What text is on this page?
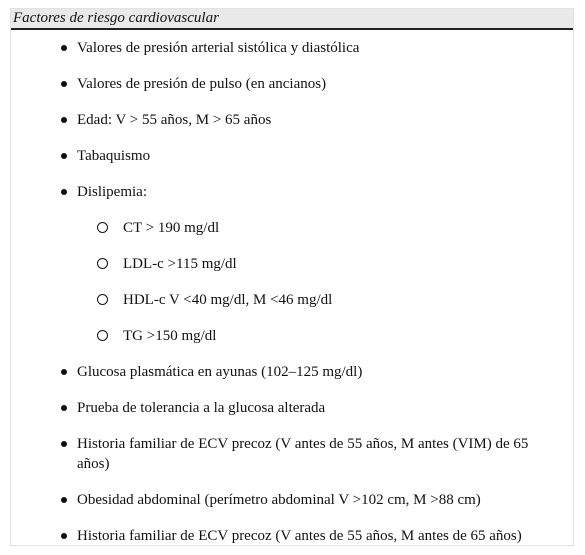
Factores de riesgo cardiovascular
Valores de presión arterial sistólica y diastólica
Valores de presión de pulso (en ancianos)
Edad: V > 55 años, M > 65 años
Tabaquismo
Dislipemia:
CT > 190 mg/dl
LDL-c >115 mg/dl
HDL-c V <40 mg/dl, M <46 mg/dl
TG >150 mg/dl
Glucosa plasmática en ayunas (102–125 mg/dl)
Prueba de tolerancia a la glucosa alterada
Historia familiar de ECV precoz (V antes de 55 años, M antes (VIM) de 65 años)
Obesidad abdominal (perímetro abdominal V >102 cm, M >88 cm)
Historia familiar de ECV precoz (V antes de 55 años, M antes de 65 años)
